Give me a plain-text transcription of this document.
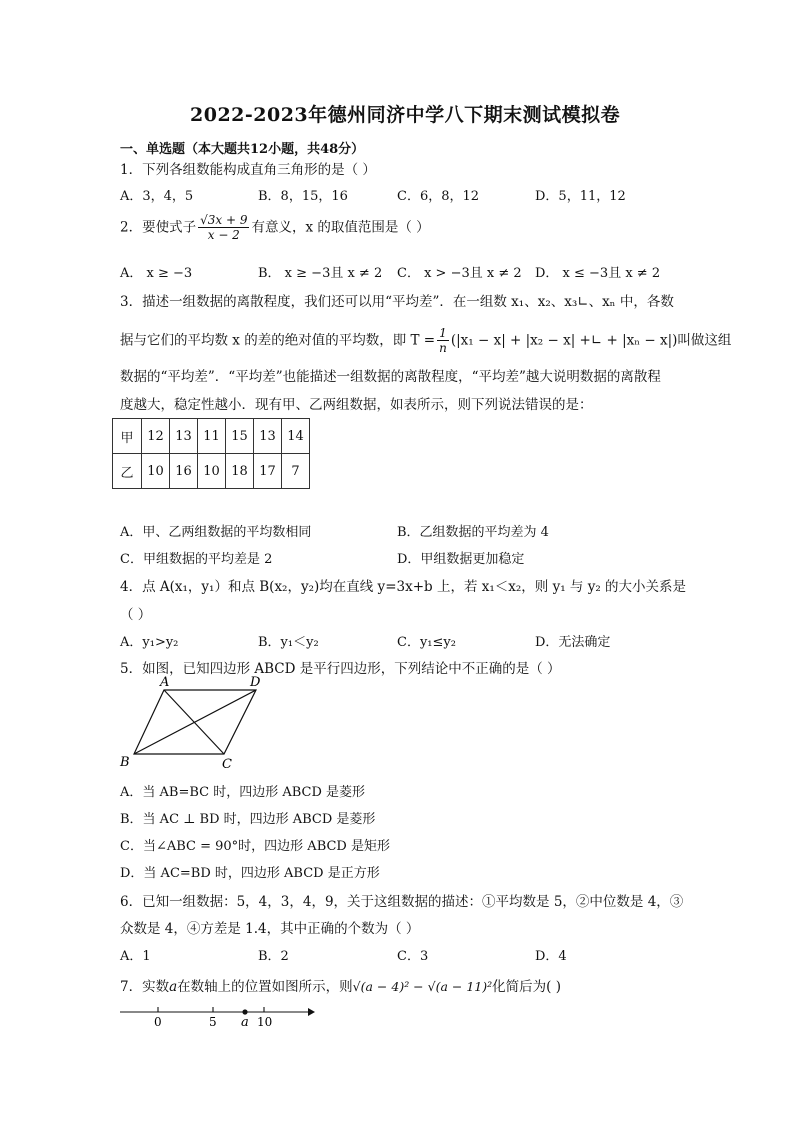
2022-2023年德州同济中学八下期末测试模拟卷
一、单选题（本大题共12小题，共48分）
1．下列各组数能构成直角三角形的是（ ）
A．3，4，5	B．8，15，16	C．6，8，12	D．5，11，12
2．要使式子 $\frac{√3x + 9}{x - 2}$ 有意义，x 的取值范围是（ ）
A． x ≥ −3	B． x ≥ −3且 x ≠ 2 C． x > −3且 x ≠ 2 D． x ≤ −3且 x ≠ 2
3．描述一组数据的离散程度，我们还可以用“平均差”．在一组数 x₁、x₂、x₃∟、xₙ 中，各数
据与它们的平均数 x 的差的绝对值的平均数，即 $T = \frac{1}{n} (|x_1 - x| + |x_2 - x|$ +∟ + |xₙ − x|)叫做这组
数据的“平均差”．“平均差”也能描述一组数据的离散程度，“平均差”越大说明数据的离散程
度越大，稳定性越小．现有甲、乙两组数据，如表所示，则下列说法错误的是：
甲	12	13	11	15	13	14
乙	10	16	10	18	17	7
A．甲、乙两组数据的平均数相同	B．乙组数据的平均差为 4
C．甲组数据的平均差是 2	D．甲组数据更加稳定
4．点 A(x₁，y₁）和点 B(x₂，y₂)均在直线 y=3x+b 上，若 x₁＜x₂，则 y₁ 与 y₂ 的大小关系是
（ ）
A．y₁>y₂	B．y₁＜y₂	C．y₁≤y₂	D．无法确定
5．如图，已知四边形 ABCD 是平行四边形，下列结论中不正确的是（ ）
A	D
B	C
A．当 AB=BC 时，四边形 ABCD 是菱形
B．当 AC ⊥ BD 时，四边形 ABCD 是菱形
C．当∠ABC = 90°时，四边形 ABCD 是矩形
D．当 AC=BD 时，四边形 ABCD 是正方形
6．已知一组数据：5，4，3，4，9，关于这组数据的描述：①平均数是 5，②中位数是 4，③
众数是 4，④方差是 1.4，其中正确的个数为（ ）
A．1	B．2	C．3	D．4
7．实数a在数轴上的位置如图所示，则√(a − 4)² − √(a − 11)²化简后为( )
0	5 a 10
